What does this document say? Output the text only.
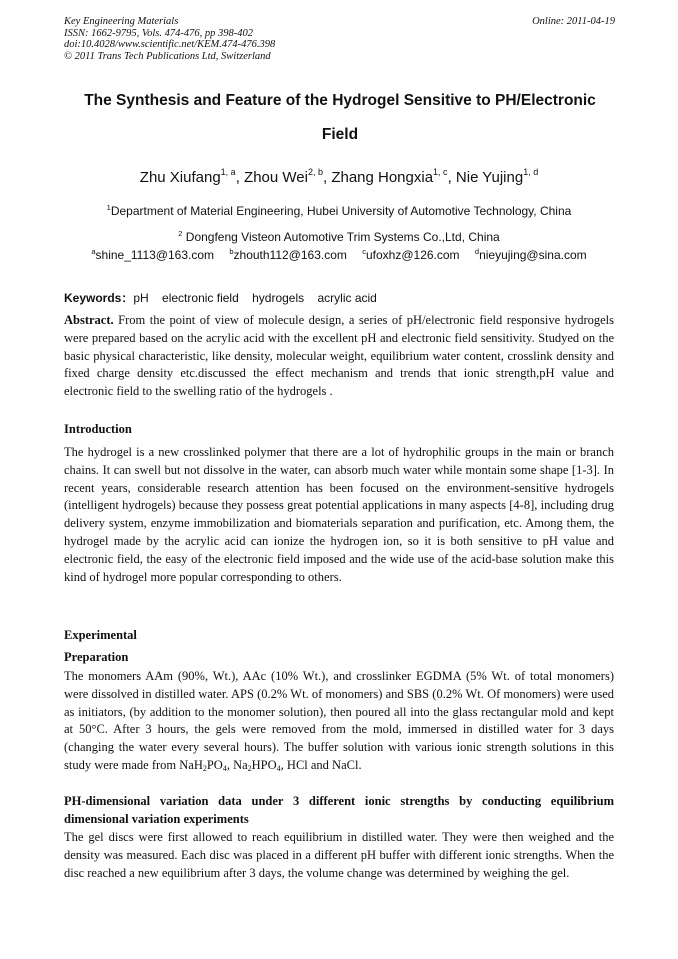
Key Engineering Materials
ISSN: 1662-9795, Vols. 474-476, pp 398-402
doi:10.4028/www.scientific.net/KEM.474-476.398
© 2011 Trans Tech Publications Ltd, Switzerland
Online: 2011-04-19
The Synthesis and Feature of the Hydrogel Sensitive to PH/Electronic
Field
Zhu Xiufang$^{1, a}$, Zhou Wei$^{2, b}$, Zhang Hongxia$^{1, c}$, Nie Yujing$^{1, d}$
$^1$Department of Material Engineering, Hubei University of Automotive Technology, China
$^2$ Dongfeng Visteon Automotive Trim Systems Co.,Ltd, China
$^a$shine_1113@163.com $^b$zhouth112@163.com $^c$ufoxhz@126.com $^d$nieyujing@sina.com
Keywords：pH electronic field hydrogels acrylic acid
Abstract. From the point of view of molecule design, a series of pH/electronic field responsive hydrogels were prepared based on the acrylic acid with the excellent pH and electronic field sensitivity. Studyed on the basic physical characteristic, like density, molecular weight, equilibrium water content, crosslink density and fixed charge density etc.discussed the effect mechanism and trends that ionic strength,pH value and electronic field to the swelling ratio of the hydrogels .
Introduction
The hydrogel is a new crosslinked polymer that there are a lot of hydrophilic groups in the main or branch chains. It can swell but not dissolve in the water, can absorb much water while montain some shape [1-3]. In recent years, considerable research attention has been focused on the environment-sensitive hydrogels (intelligent hydrogels) because they possess great potential applications in many aspects [4-8], including drug delivery system, enzyme immobilization and biomaterials separation and purification, etc. Among them, the hydrogel made by the acrylic acid can ionize the hydrogen ion, so it is both sensitive to pH value and electronic field, the easy of the electronic field imposed and the wide use of the acid-base solution make this kind of hydrogel more popular corresponding to others.
Experimental
Preparation
The monomers AAm (90%, Wt.), AAc (10% Wt.), and crosslinker EGDMA (5% Wt. of total monomers) were dissolved in distilled water. APS (0.2% Wt. of monomers) and SBS (0.2% Wt. Of monomers) were used as initiators, (by addition to the monomer solution), then poured all into the glass rectangular mold and kept at 50°C. After 3 hours, the gels were removed from the mold, immersed in distilled water for 3 days (changing the water every several hours). The buffer solution with various ionic strength solutions in this study were made from $NaH_2PO_4$, $Na_2HPO_4$, HCl and NaCl.
PH-dimensional variation data under 3 different ionic strengths by conducting equilibrium dimensional variation experiments
The gel discs were first allowed to reach equilibrium in distilled water. They were then weighed and the density was measured. Each disc was placed in a different pH buffer with different ionic strengths. When the disc reached a new equilibrium after 3 days, the volume change was determined by weighing the gel.
